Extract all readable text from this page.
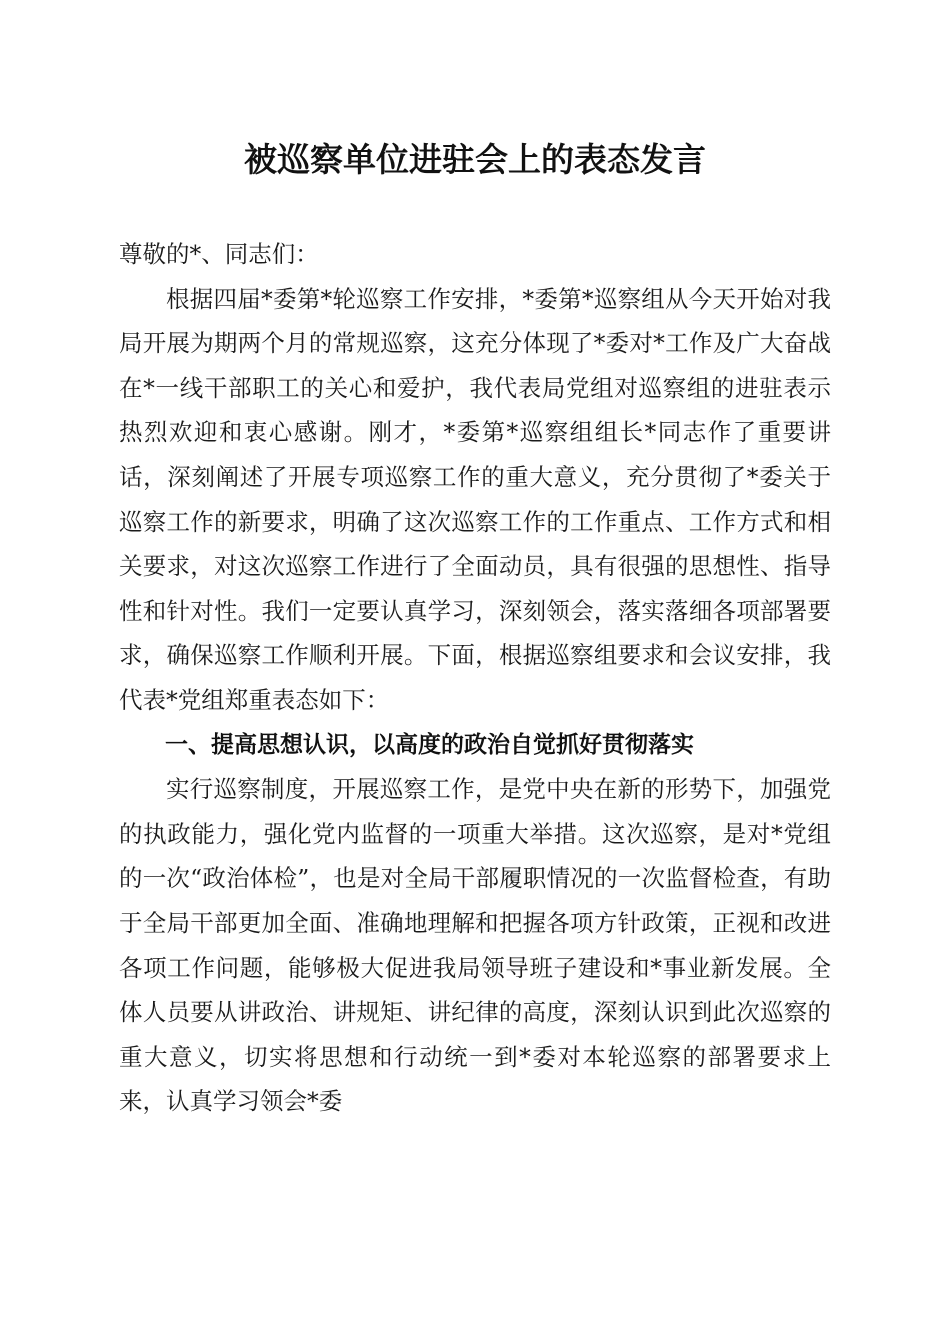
被巡察单位进驻会上的表态发言

尊敬的*、同志们：

根据四届*委第*轮巡察工作安排，*委第*巡察组从今天开始对我局开展为期两个月的常规巡察，这充分体现了*委对*工作及广大奋战在*一线干部职工的关心和爱护，我代表局党组对巡察组的进驻表示热烈欢迎和衷心感谢。刚才，*委第*巡察组组长*同志作了重要讲话，深刻阐述了开展专项巡察工作的重大意义，充分贯彻了*委关于巡察工作的新要求，明确了这次巡察工作的工作重点、工作方式和相关要求，对这次巡察工作进行了全面动员，具有很强的思想性、指导性和针对性。我们一定要认真学习，深刻领会，落实落细各项部署要求，确保巡察工作顺利开展。下面，根据巡察组要求和会议安排，我代表*党组郑重表态如下：

一、提高思想认识，以高度的政治自觉抓好贯彻落实

实行巡察制度，开展巡察工作，是党中央在新的形势下，加强党的执政能力，强化党内监督的一项重大举措。这次巡察，是对*党组的一次“政治体检”，也是对全局干部履职情况的一次监督检查，有助于全局干部更加全面、准确地理解和把握各项方针政策，正视和改进各项工作问题，能够极大促进我局领导班子建设和*事业新发展。全体人员要从讲政治、讲规矩、讲纪律的高度，深刻认识到此次巡察的重大意义，切实将思想和行动统一到*委对本轮巡察的部署要求上来，认真学习领会*委
